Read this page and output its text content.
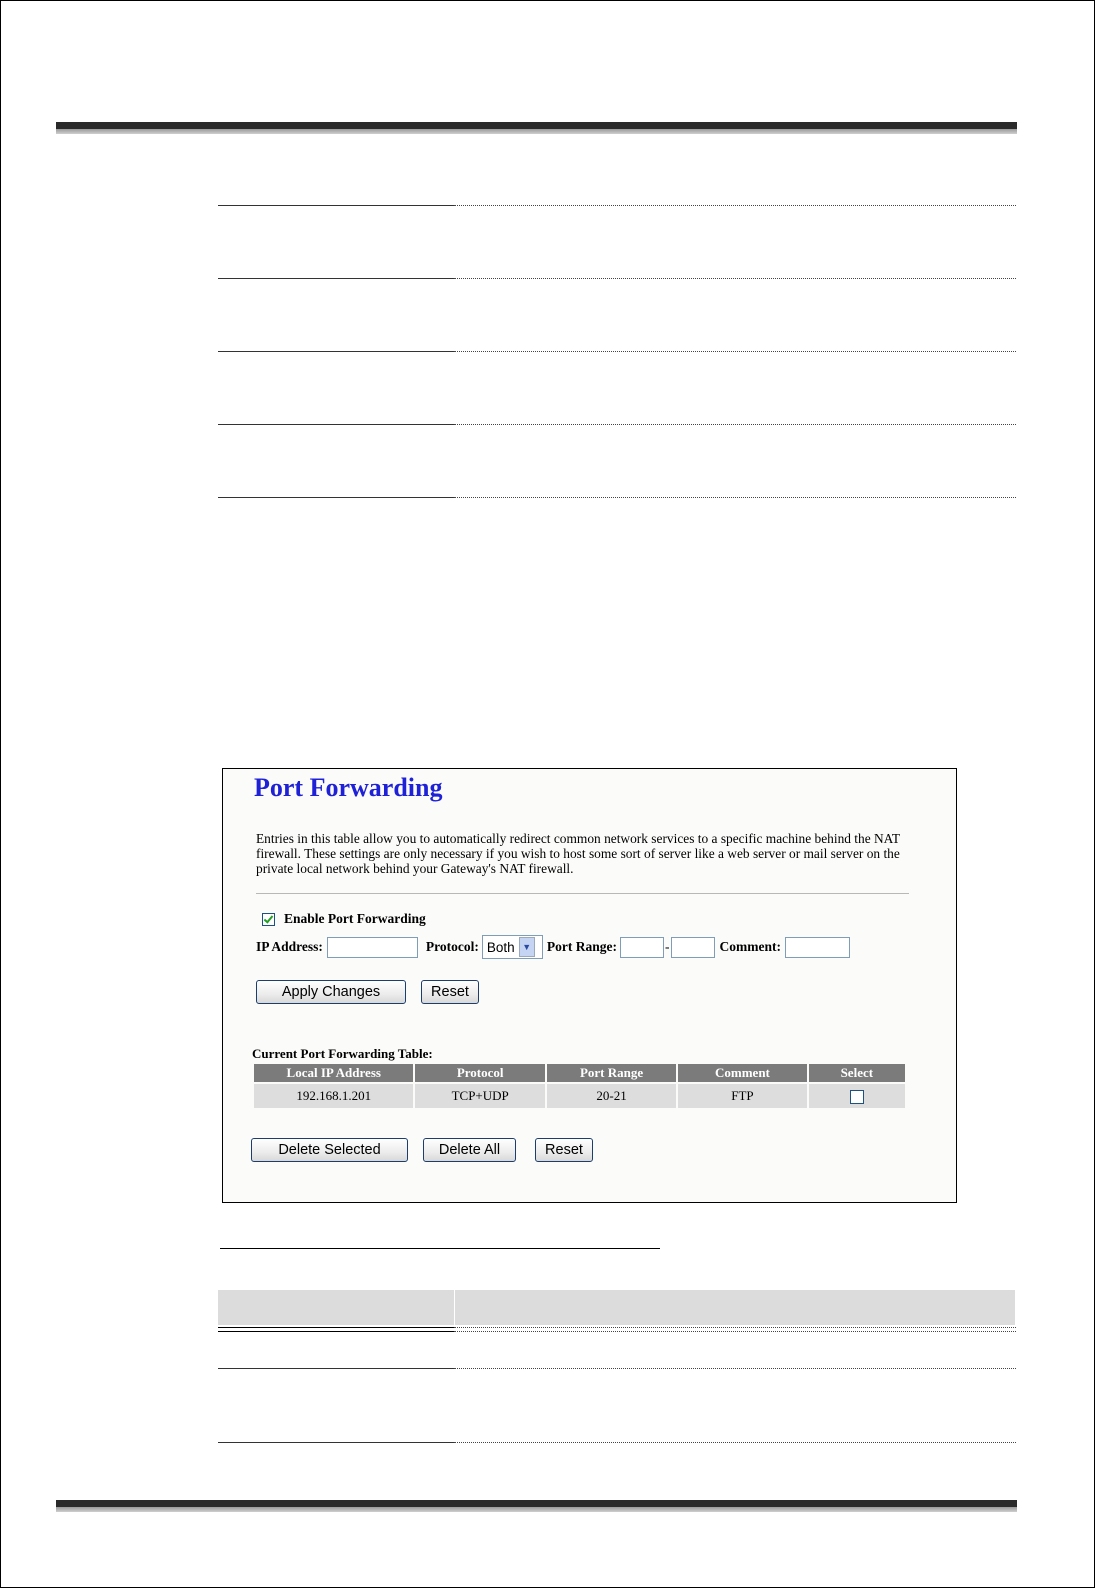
Port Forwarding
Entries in this table allow you to automatically redirect common network services to a specific machine behind the NAT firewall. These settings are only necessary if you wish to host some sort of server like a web server or mail server on the private local network behind your Gateway's NAT firewall.
Enable Port Forwarding
IP Address:	Protocol: Both ▼ Port Range:	-	Comment:
Apply Changes	Reset
Current Port Forwarding Table:
Local IP Address	Protocol	Port Range	Comment	Select
192.168.1.201	TCP+UDP	20-21	FTP	
Delete Selected	Delete All	Reset
